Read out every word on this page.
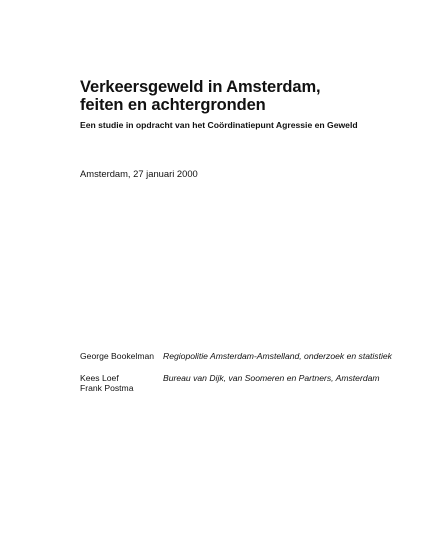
Verkeersgeweld in Amsterdam,
feiten en achtergronden
Een studie in opdracht van het Coördinatiepunt Agressie en Geweld
Amsterdam, 27 januari 2000
George Bookelman	Regiopolitie Amsterdam-Amstelland, onderzoek en statistiek
Kees Loef
Frank Postma
Bureau van Dijk, van Soomeren en Partners, Amsterdam
